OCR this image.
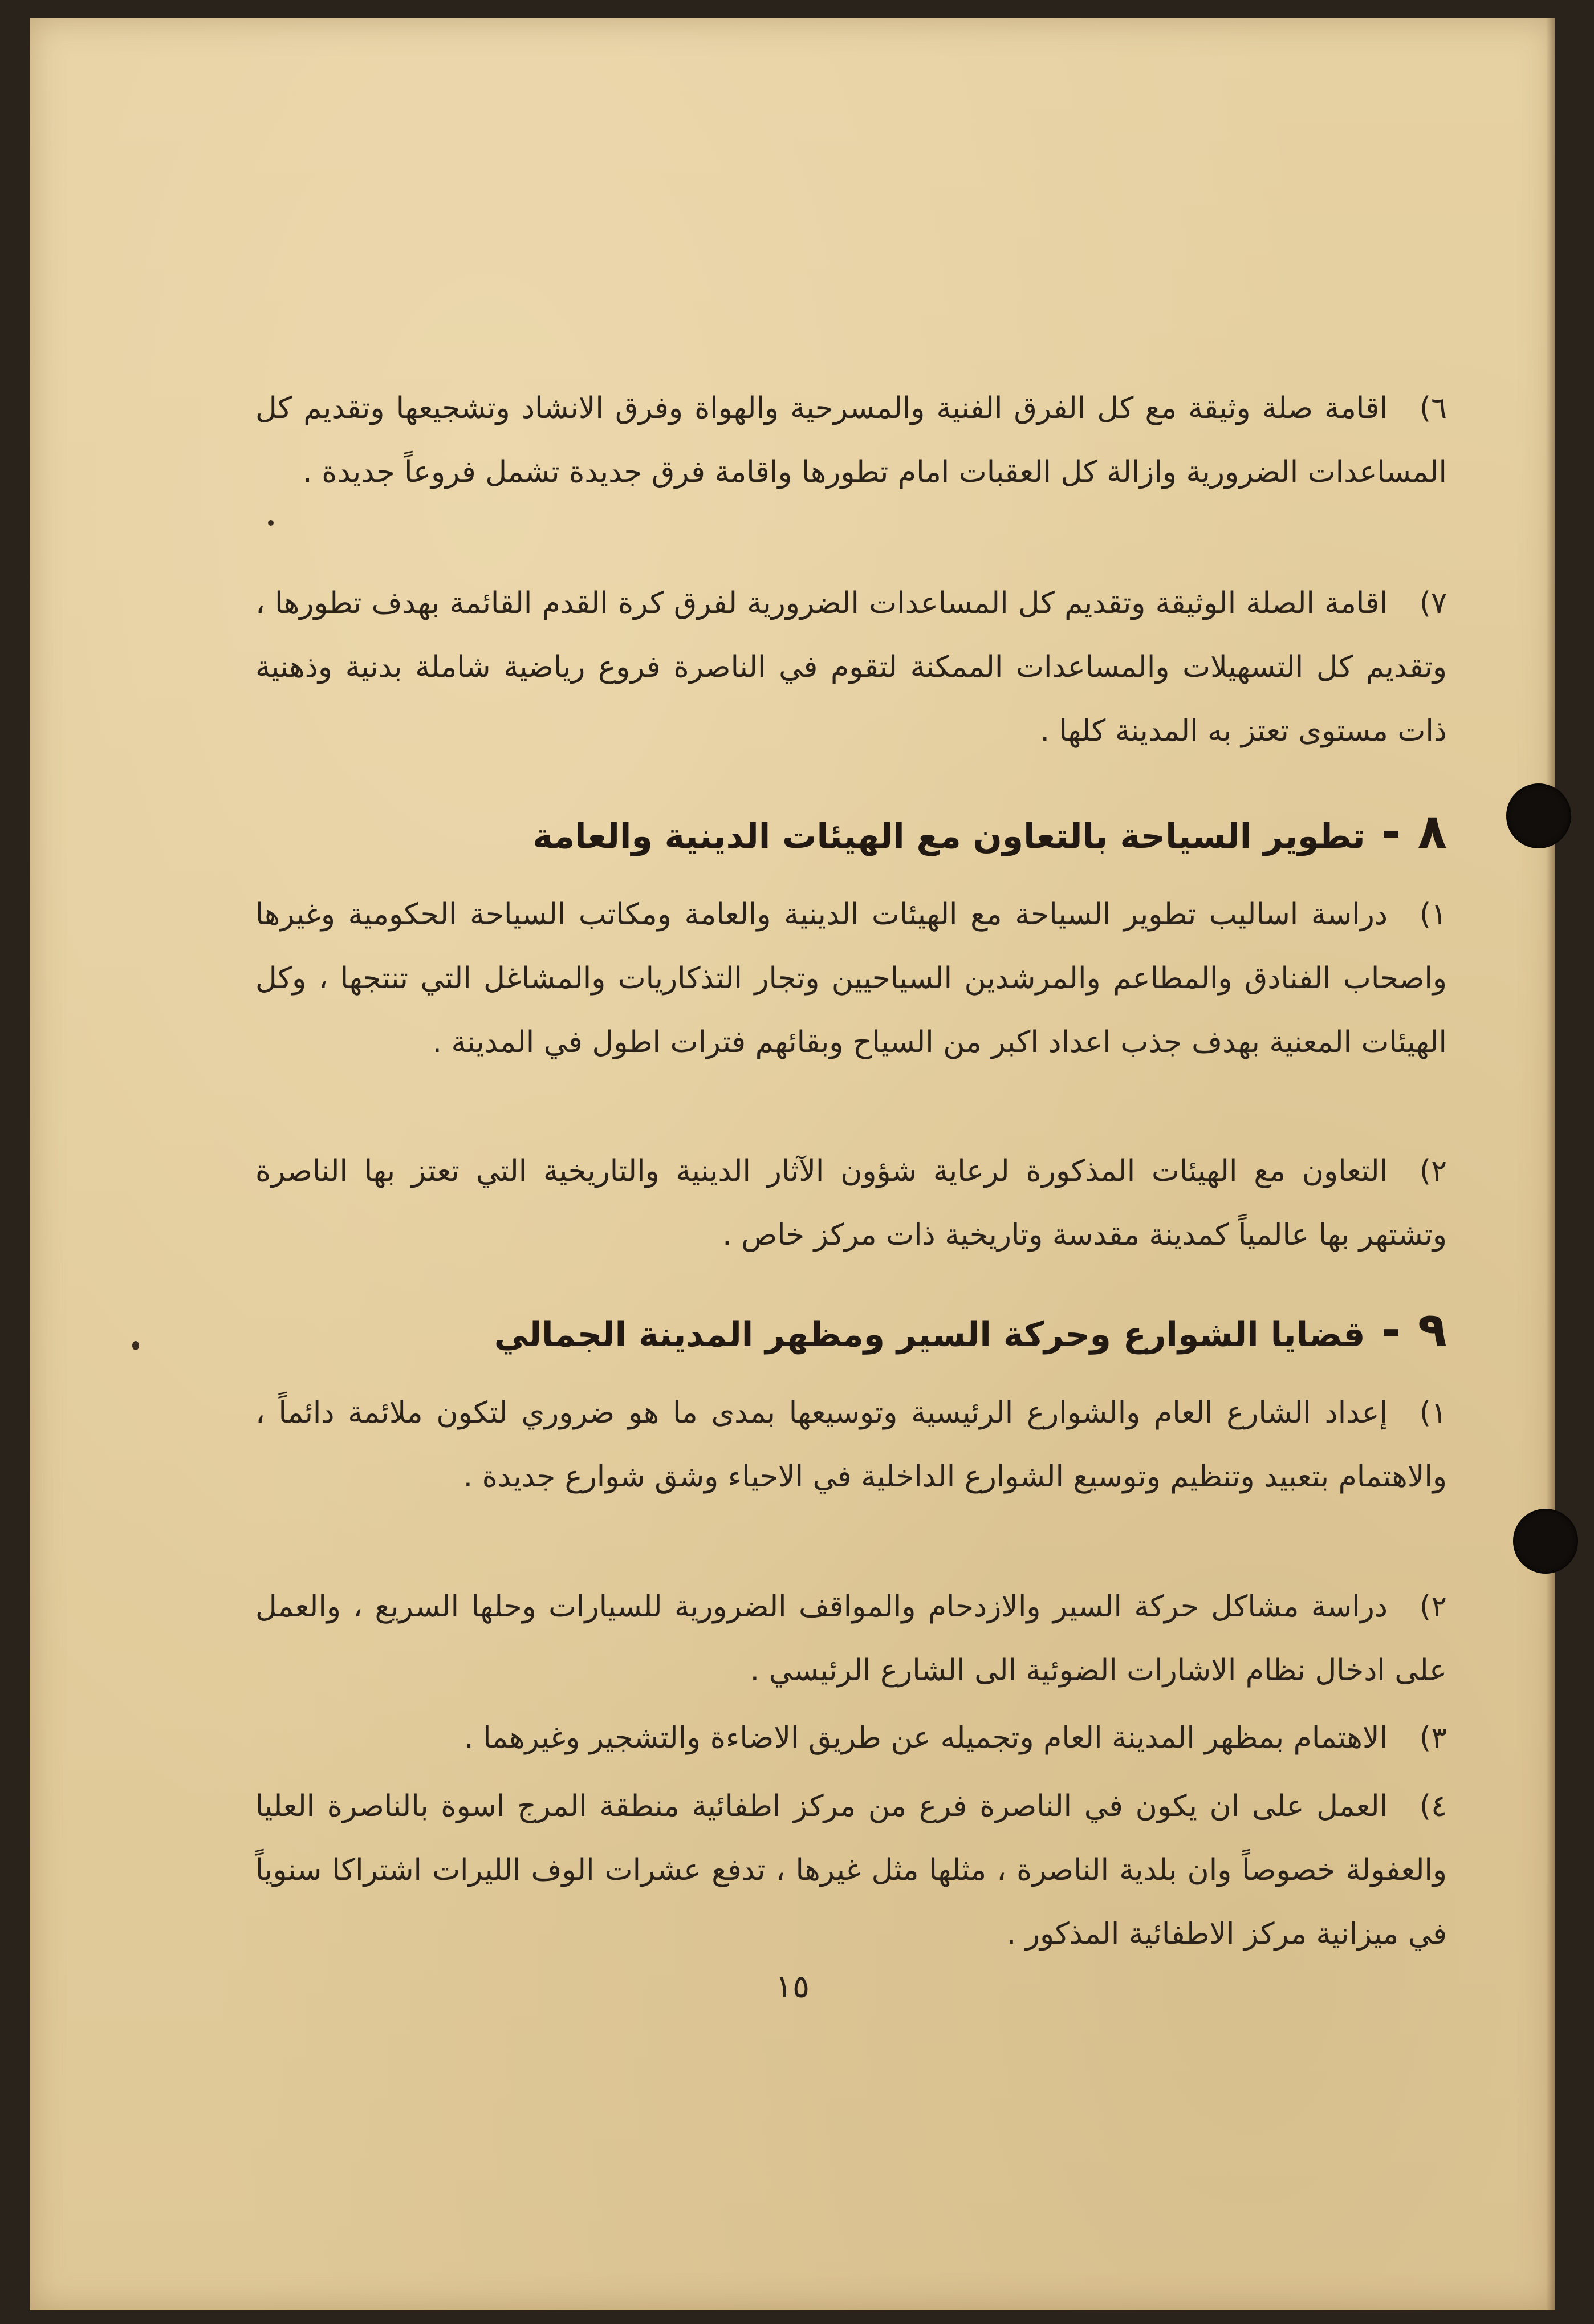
٦)اقامة صلة وثيقة مع كل الفرق الفنية والمسرحية والهواة وفرق الانشاد وتشجيعها وتقديم كل المساعدات الضرورية وازالة كل العقبات امام تطورها واقامة فرق جديدة تشمل فروعاً جديدة .
٧)اقامة الصلة الوثيقة وتقديم كل المساعدات الضرورية لفرق كرة القدم القائمة بهدف تطورها ، وتقديم كل التسهيلات والمساعدات الممكنة لتقوم في الناصرة فروع رياضية شاملة بدنية وذهنية ذات مستوى تعتز به المدينة كلها .
٨ -تطوير السياحة بالتعاون مع الهيئات الدينية والعامة
١)دراسة اساليب تطوير السياحة مع الهيئات الدينية والعامة ومكاتب السياحة الحكومية وغيرها واصحاب الفنادق والمطاعم والمرشدين السياحيين وتجار التذكاريات والمشاغل التي تنتجها ، وكل الهيئات المعنية بهدف جذب اعداد اكبر من السياح وبقائهم فترات اطول في المدينة .
٢)التعاون مع الهيئات المذكورة لرعاية شؤون الآثار الدينية والتاريخية التي تعتز بها الناصرة وتشتهر بها عالمياً كمدينة مقدسة وتاريخية ذات مركز خاص .
٩ -قضايا الشوارع وحركة السير ومظهر المدينة الجمالي
١)إعداد الشارع العام والشوارع الرئيسية وتوسيعها بمدى ما هو ضروري لتكون ملائمة دائماً ، والاهتمام بتعبيد وتنظيم وتوسيع الشوارع الداخلية في الاحياء وشق شوارع جديدة .
٢)دراسة مشاكل حركة السير والازدحام والمواقف الضرورية للسيارات وحلها السريع ، والعمل على ادخال نظام الاشارات الضوئية الى الشارع الرئيسي .
٣)الاهتمام بمظهر المدينة العام وتجميله عن طريق الاضاءة والتشجير وغيرهما .
٤)العمل على ان يكون في الناصرة فرع من مركز اطفائية منطقة المرج اسوة بالناصرة العليا والعفولة خصوصاً وان بلدية الناصرة ، مثلها مثل غيرها ، تدفع عشرات الوف الليرات اشتراكا سنوياً في ميزانية مركز الاطفائية المذكور .
١٥
